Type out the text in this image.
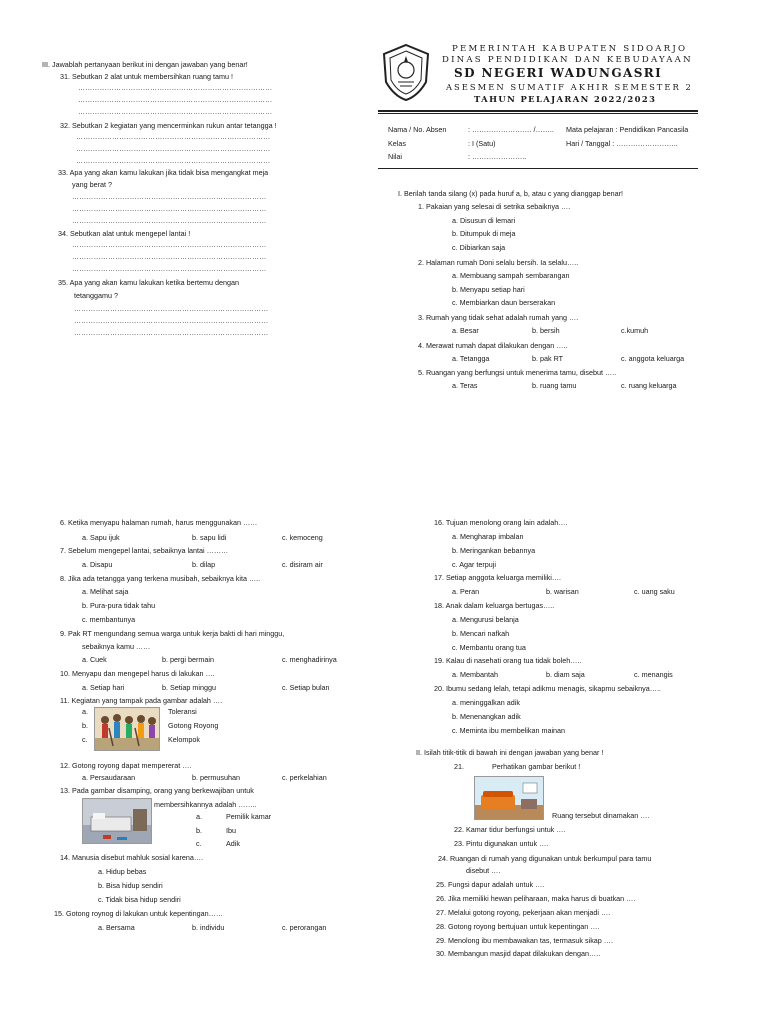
PEMERINTAH KABUPATEN SIDOARJO
DINAS PENDIDIKAN DAN KEBUDAYAAN
SD NEGERI WADUNGASRI
ASESMEN SUMATIF AKHIR SEMESTER 2
TAHUN PELAJARAN 2022/2023
Nama / No. Absen	: ……………………. /…….. Mata pelajaran : Pendidikan Pancasila
Kelas	: I (Satu)	Hari / Tanggal : ……………………..
Nilai	: …………………..
III. Jawablah pertanyaan berikut ini dengan jawaban yang benar!
31. Sebutkan 2 alat untuk membersihkan ruang tamu !
………………………………………………………………………
………………………………………………………………………
………………………………………………………………………
32. Sebutkan 2 kegiatan yang mencerminkan rukun antar tetangga !
………………………………………………………………………
………………………………………………………………………
………………………………………………………………………
33. Apa yang akan kamu lakukan jika tidak bisa mengangkat meja
yang berat ?
………………………………………………………………………
………………………………………………………………………
………………………………………………………………………
34. Sebutkan alat untuk mengepel lantai !
………………………………………………………………………
………………………………………………………………………
………………………………………………………………………
35. Apa yang akan kamu lakukan ketika bertemu dengan
tetanggamu ?
………………………………………………………………………
………………………………………………………………………
………………………………………………………………………
I. Berilah tanda silang (x) pada huruf a, b, atau c yang dianggap benar!
1. Pakaian yang selesai di setrika sebaiknya ….
a. Disusun di lemari
b. Ditumpuk di meja
c. Dibiarkan saja
2. Halaman rumah Doni selalu bersih. Ia selalu…..
a. Membuang sampah sembarangan
b. Menyapu setiap hari
c. Membiarkan daun berserakan
3. Rumah yang tidak sehat adalah rumah yang ….
a. Besar	b. bersih	c.kumuh
4. Merawat rumah dapat dilakukan dengan …..
a. Tetangga	b. pak RT	c. anggota keluarga
5. Ruangan yang berfungsi untuk menerima tamu, disebut …..
a. Teras	b. ruang tamu	c. ruang keluarga
6. Ketika menyapu halaman rumah, harus menggunakan ……
a. Sapu ijuk	b. sapu lidi	c. kemoceng
7. Sebelum mengepel lantai, sebaiknya lantai ………
a. Disapu	b. dilap	c. disiram air
8. Jika ada tetangga yang terkena musibah, sebaiknya kita …..
a. Melihat saja
b. Pura-pura tidak tahu
c. membantunya
9. Pak RT mengundang semua warga untuk kerja bakti di hari minggu,
sebaiknya kamu ……
a. Cuek	b. pergi bermain	c. menghadirinya
10. Menyapu dan mengepel harus di lakukan ….
a. Setiap hari	b. Setiap minggu	c. Setiap bulan
11. Kegiatan yang tampak pada gambar adalah ….
a.	Toleransi
b.	Gotong Royong
c.	Kelompok
12. Gotong royong dapat mempererat ….
a. Persaudaraan	b. permusuhan	c. perkelahian
13. Pada gambar disamping, orang yang berkewajiban untuk
membersihkannya adalah ……..
a.	Pemilik kamar
b.	Ibu
c.	Adik
14. Manusia disebut mahluk sosial karena….
a. Hidup bebas
b. Bisa hidup sendiri
c. Tidak bisa hidup sendiri
15. Gotong roynog di lakukan untuk kepentingan……
a. Bersama	b. individu	c. perorangan
16. Tujuan menolong orang lain adalah….
a. Mengharap imbalan
b. Meringankan bebannya
c. Agar terpuji
17. Setiap anggota keluarga memiliki….
a. Peran	b. warisan	c. uang saku
18. Anak dalam keluarga bertugas…..
a. Mengurusi belanja
b. Mencari nafkah
c. Membantu orang tua
19. Kalau di nasehati orang tua tidak boleh…..
a. Membantah	b. diam saja	c. menangis
20. Ibumu sedang lelah, tetapi adikmu menagis, sikapmu sebaiknya…..
a. meninggalkan adik
b. Menenangkan adik
c. Meminta ibu membelikan mainan
II. Isilah titik-titik di bawah ini dengan jawaban yang benar !
21.	Perhatikan gambar berikut !
Ruang tersebut dinamakan ….
22. Kamar tidur berfungsi untuk ….
23. Pintu digunakan untuk ….
24. Ruangan di rumah yang digunakan untuk berkumpul para tamu
disebut ….
25. Fungsi dapur adalah untuk ….
26. Jika memiliki hewan peliharaan, maka harus di buatkan ….
27. Melalui gotong royong, pekerjaan akan menjadi ….
28. Gotong royong bertujuan untuk kepentingan ….
29. Menolong ibu membawakan tas, termasuk sikap ….
30. Membangun masjid dapat dilakukan dengan…..
